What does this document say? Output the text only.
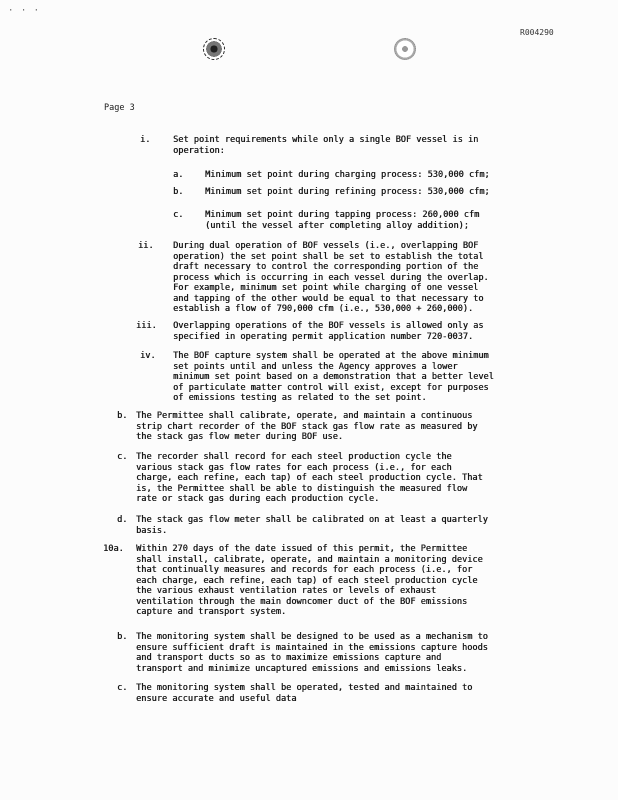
· · ·
R004290
Page 3
i.	Set point requirements while only a single BOF vessel is in
operation:
a.	Minimum set point during charging process: 530,000 cfm;
b.	Minimum set point during refining process: 530,000 cfm;
c.	Minimum set point during tapping process: 260,000 cfm
(until the vessel after completing alloy addition);
ii. During dual operation of BOF vessels (i.e., overlapping BOF
operation) the set point shall be set to establish the total
draft necessary to control the corresponding portion of the
process which is occurring in each vessel during the overlap.
For example, minimum set point while charging of one vessel
and tapping of the other would be equal to that necessary to
establish a flow of 790,000 cfm (i.e., 530,000 + 260,000).
iii. Overlapping operations of the BOF vessels is allowed only as
specified in operating permit application number 720-0037.
iv. The BOF capture system shall be operated at the above minimum
set points until and unless the Agency approves a lower
minimum set point based on a demonstration that a better level
of particulate matter control will exist, except for purposes
of emissions testing as related to the set point.
b. The Permittee shall calibrate, operate, and maintain a continuous
strip chart recorder of the BOF stack gas flow rate as measured by
the stack gas flow meter during BOF use.
c. The recorder shall record for each steel production cycle the
various stack gas flow rates for each process (i.e., for each
charge, each refine, each tap) of each steel production cycle. That
is, the Permittee shall be able to distinguish the measured flow
rate or stack gas during each production cycle.
d. The stack gas flow meter shall be calibrated on at least a quarterly
basis.
10a. Within 270 days of the date issued of this permit, the Permittee
shall install, calibrate, operate, and maintain a monitoring device
that continually measures and records for each process (i.e., for
each charge, each refine, each tap) of each steel production cycle
the various exhaust ventilation rates or levels of exhaust
ventilation through the main downcomer duct of the BOF emissions
capture and transport system.
b. The monitoring system shall be designed to be used as a mechanism to
ensure sufficient draft is maintained in the emissions capture hoods
and transport ducts so as to maximize emissions capture and
transport and minimize uncaptured emissions and emissions leaks.
c. The monitoring system shall be operated, tested and maintained to
ensure accurate and useful data
